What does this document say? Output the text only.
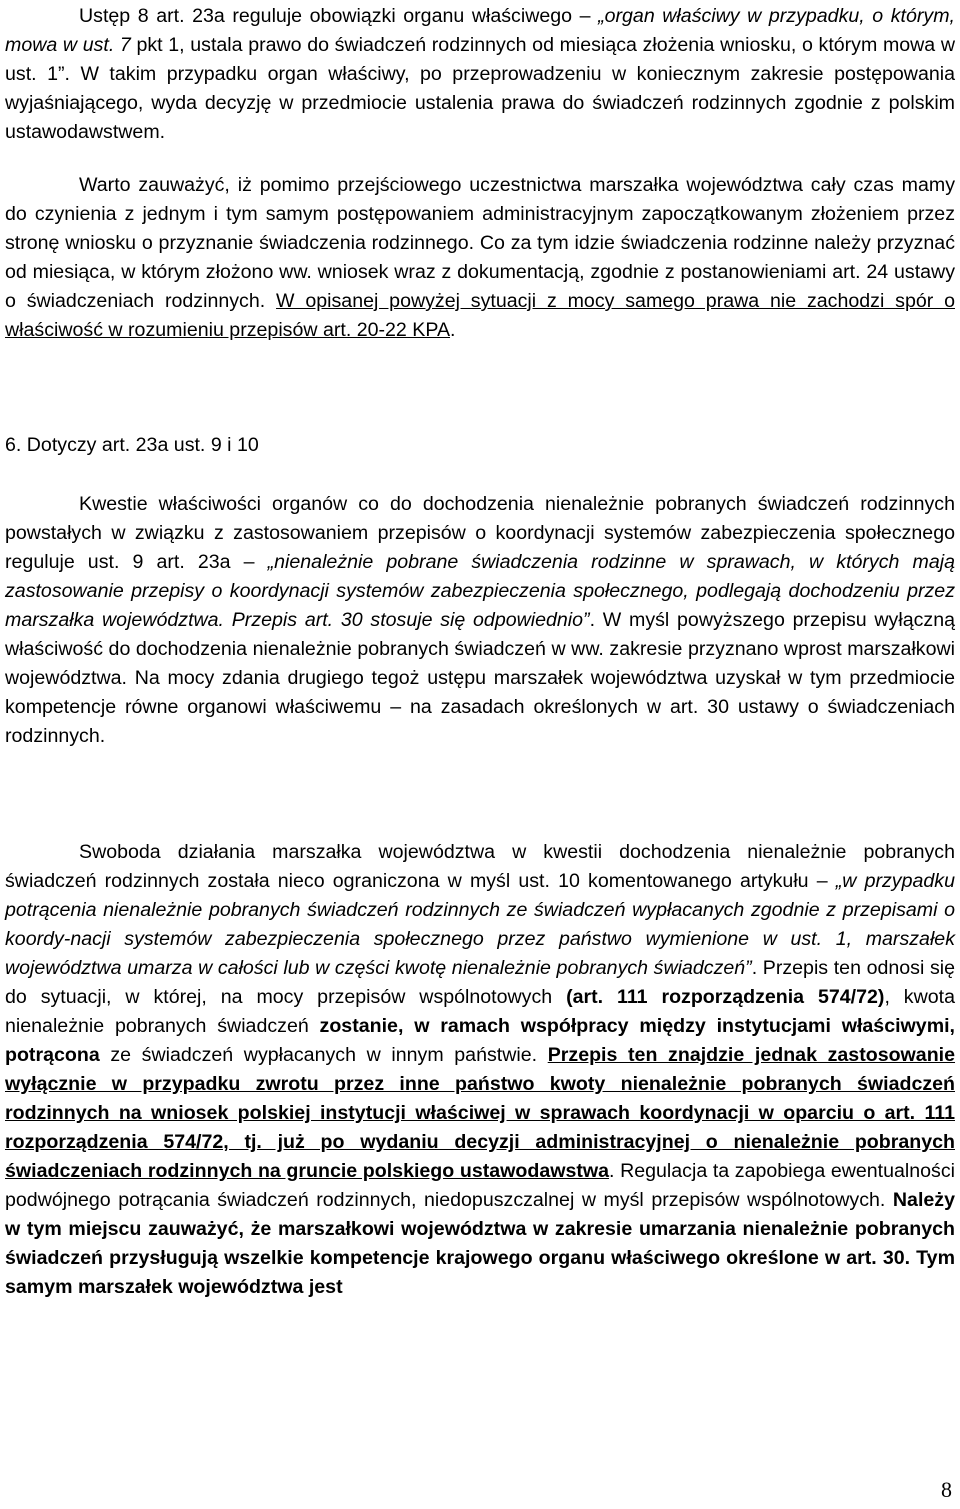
Ustęp 8 art. 23a reguluje obowiązki organu właściwego – „organ właściwy w przypadku, o którym, mowa w ust. 7 pkt 1, ustala prawo do świadczeń rodzinnych od miesiąca złożenia wniosku, o którym mowa w ust. 1”. W takim przypadku organ właściwy, po przeprowadzeniu w koniecznym zakresie postępowania wyjaśniającego, wyda decyzję w przedmiocie ustalenia prawa do świadczeń rodzinnych zgodnie z polskim ustawodawstwem.

Warto zauważyć, iż pomimo przejściowego uczestnictwa marszałka województwa cały czas mamy do czynienia z jednym i tym samym postępowaniem administracyjnym zapoczątkowanym złożeniem przez stronę wniosku o przyznanie świadczenia rodzinnego. Co za tym idzie świadczenia rodzinne należy przyznać od miesiąca, w którym złożono ww. wniosek wraz z dokumentacją, zgodnie z postanowieniami art. 24 ustawy o świadczeniach rodzinnych. W opisanej powyżej sytuacji z mocy samego prawa nie zachodzi spór o właściwość w rozumieniu przepisów art. 20-22 KPA.

6. Dotyczy art. 23a ust. 9 i 10

Kwestie właściwości organów co do dochodzenia nienależnie pobranych świadczeń rodzinnych powstałych w związku z zastosowaniem przepisów o koordynacji systemów zabezpieczenia społecznego reguluje ust. 9 art. 23a – „nienależnie pobrane świadczenia rodzinne w sprawach, w których mają zastosowanie przepisy o koordynacji systemów zabezpieczenia społecznego, podlegają dochodzeniu przez marszałka województwa. Przepis art. 30 stosuje się odpowiednio”. W myśl powyższego przepisu wyłączną właściwość do dochodzenia nienależnie pobranych świadczeń w ww. zakresie przyznano wprost marszałkowi województwa. Na mocy zdania drugiego tegoż ustępu marszałek województwa uzyskał w tym przedmiocie kompetencje równe organowi właściwemu – na zasadach określonych w art. 30 ustawy o świadczeniach rodzinnych.

Swoboda działania marszałka województwa w kwestii dochodzenia nienależnie pobranych świadczeń rodzinnych została nieco ograniczona w myśl ust. 10 komentowanego artykułu – „w przypadku potrącenia nienależnie pobranych świadczeń rodzinnych ze świadczeń wypłacanych zgodnie z przepisami o koordy-nacji systemów zabezpieczenia społecznego przez państwo wymienione w ust. 1, marszałek województwa umarza w całości lub w części kwotę nienależnie pobranych świadczeń”. Przepis ten odnosi się do sytuacji, w której, na mocy przepisów wspólnotowych (art. 111 rozporządzenia 574/72), kwota nienależnie pobranych świadczeń zostanie, w ramach współpracy między instytucjami właściwymi, potrącona ze świadczeń wypłacanych w innym państwie. Przepis ten znajdzie jednak zastosowanie wyłącznie w przypadku zwrotu przez inne państwo kwoty nienależnie pobranych świadczeń rodzinnych na wniosek polskiej instytucji właściwej w sprawach koordynacji w oparciu o art. 111 rozporządzenia 574/72, tj. już po wydaniu decyzji administracyjnej o nienależnie pobranych świadczeniach rodzinnych na gruncie polskiego ustawodawstwa. Regulacja ta zapobiega ewentualności podwójnego potrącania świadczeń rodzinnych, niedopuszczalnej w myśl przepisów wspólnotowych. Należy w tym miejscu zauważyć, że marszałkowi województwa w zakresie umarzania nienależnie pobranych świadczeń przysługują wszelkie kompetencje krajowego organu właściwego określone w art. 30. Tym samym marszałek województwa jest

8
